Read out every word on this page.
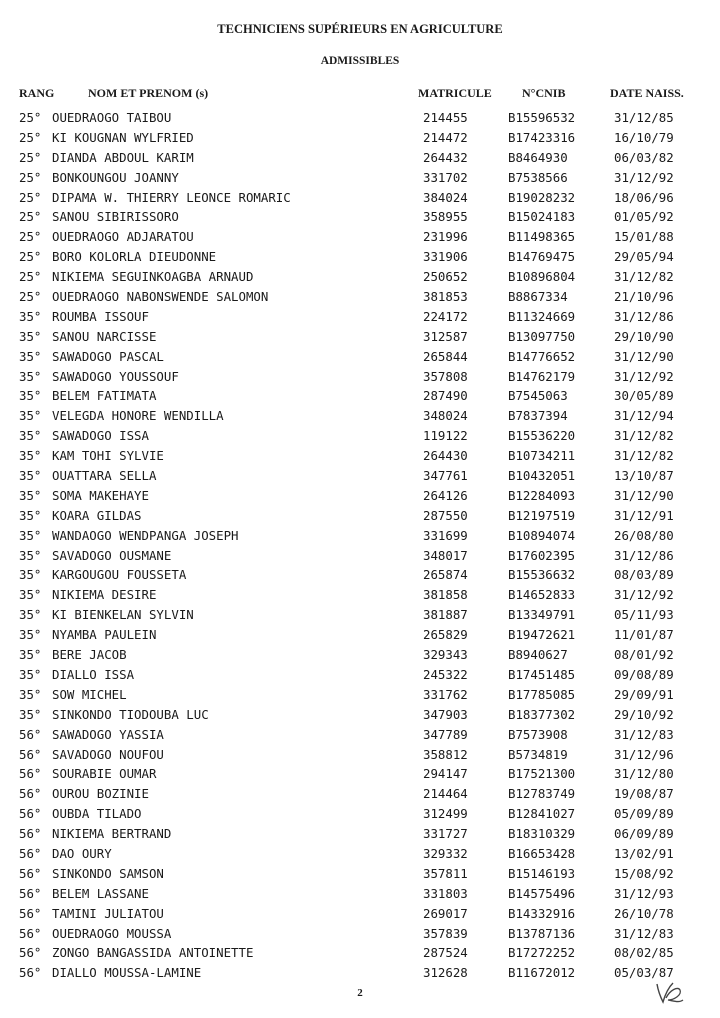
TECHNICIENS SUPÉRIEURS EN AGRICULTURE
ADMISSIBLES
RANG	NOM ET PRENOM (s)	MATRICULE	N°CNIB	DATE NAISS.
25° OUEDRAOGO TAIBOU	214455	B15596532	31/12/85
25° KI KOUGNAN WYLFRIED	214472	B17423316	16/10/79
25° DIANDA ABDOUL KARIM	264432	B8464930	06/03/82
25° BONKOUNGOU JOANNY	331702	B7538566	31/12/92
25° DIPAMA W. THIERRY LEONCE ROMARIC	384024	B19028232	18/06/96
25° SANOU SIBIRISSORO	358955	B15024183	01/05/92
25° OUEDRAOGO ADJARATOU	231996	B11498365	15/01/88
25° BORO KOLORLA DIEUDONNE	331906	B14769475	29/05/94
25° NIKIEMA SEGUINKOAGBA ARNAUD	250652	B10896804	31/12/82
25° OUEDRAOGO NABONSWENDE SALOMON	381853	B8867334	21/10/96
35° ROUMBA ISSOUF	224172	B11324669	31/12/86
35° SANOU NARCISSE	312587	B13097750	29/10/90
35° SAWADOGO PASCAL	265844	B14776652	31/12/90
35° SAWADOGO YOUSSOUF	357808	B14762179	31/12/92
35° BELEM FATIMATA	287490	B7545063	30/05/89
35° VELEGDA HONORE WENDILLA	348024	B7837394	31/12/94
35° SAWADOGO ISSA	119122	B15536220	31/12/82
35° KAM TOHI SYLVIE	264430	B10734211	31/12/82
35° OUATTARA SELLA	347761	B10432051	13/10/87
35° SOMA MAKEHAYE	264126	B12284093	31/12/90
35° KOARA GILDAS	287550	B12197519	31/12/91
35° WANDAOGO WENDPANGA JOSEPH	331699	B10894074	26/08/80
35° SAVADOGO OUSMANE	348017	B17602395	31/12/86
35° KARGOUGOU FOUSSETA	265874	B15536632	08/03/89
35° NIKIEMA DESIRE	381858	B14652833	31/12/92
35° KI BIENKELAN SYLVIN	381887	B13349791	05/11/93
35° NYAMBA PAULEIN	265829	B19472621	11/01/87
35° BERE JACOB	329343	B8940627	08/01/92
35° DIALLO ISSA	245322	B17451485	09/08/89
35° SOW MICHEL	331762	B17785085	29/09/91
35° SINKONDO TIODOUBA LUC	347903	B18377302	29/10/92
56° SAWADOGO YASSIA	347789	B7573908	31/12/83
56° SAVADOGO NOUFOU	358812	B5734819	31/12/96
56° SOURABIE OUMAR	294147	B17521300	31/12/80
56° OUROU BOZINIE	214464	B12783749	19/08/87
56° OUBDA TILADO	312499	B12841027	05/09/89
56° NIKIEMA BERTRAND	331727	B18310329	06/09/89
56° DAO OURY	329332	B16653428	13/02/91
56° SINKONDO SAMSON	357811	B15146193	15/08/92
56° BELEM LASSANE	331803	B14575496	31/12/93
56° TAMINI JULIATOU	269017	B14332916	26/10/78
56° OUEDRAOGO MOUSSA	357839	B13787136	31/12/83
56° ZONGO BANGASSIDA ANTOINETTE	287524	B17272252	08/02/85
56° DIALLO MOUSSA-LAMINE	312628	B11672012	05/03/87
2
